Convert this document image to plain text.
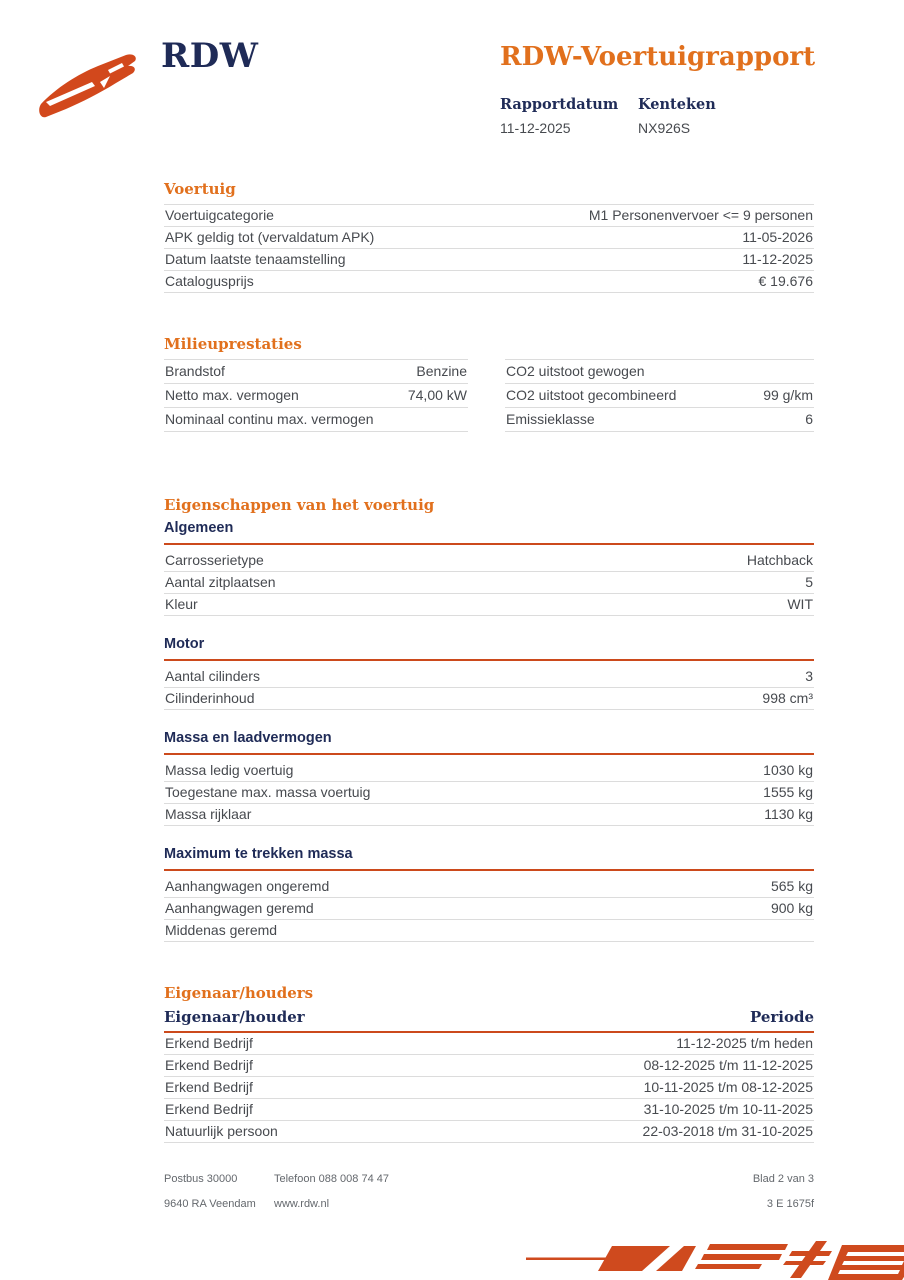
RDW	RDW-Voertuigrapport
Rapportdatum
11-12-2025
Kenteken
NX926S
Voertuig
Voertuigcategorie	M1 Personenvervoer <= 9 personen
APK geldig tot (vervaldatum APK)	11-05-2026
Datum laatste tenaamstelling	11-12-2025
Catalogusprijs	€ 19.676
Milieuprestaties
Brandstof	Benzine
Netto max. vermogen	74,00 kW
Nominaal continu max. vermogen
CO2 uitstoot gewogen
CO2 uitstoot gecombineerd	99 g/km
Emissieklasse	6
Eigenschappen van het voertuig
Algemeen
Carrosserietype	Hatchback
Aantal zitplaatsen	5
Kleur	WIT
Motor
Aantal cilinders	3
Cilinderinhoud	998 cm³
Massa en laadvermogen
Massa ledig voertuig	1030 kg
Toegestane max. massa voertuig	1555 kg
Massa rijklaar	1130 kg
Maximum te trekken massa
Aanhangwagen ongeremd	565 kg
Aanhangwagen geremd	900 kg
Middenas geremd
Eigenaar/houders
Eigenaar/houder	Periode
Erkend Bedrijf	11-12-2025 t/m heden
Erkend Bedrijf	08-12-2025 t/m 11-12-2025
Erkend Bedrijf	10-11-2025 t/m 08-12-2025
Erkend Bedrijf	31-10-2025 t/m 10-11-2025
Natuurlijk persoon	22-03-2018 t/m 31-10-2025
Postbus 30000
9640 RA Veendam
Telefoon 088 008 74 47
www.rdw.nl
Blad 2 van 3
3 E 1675f
